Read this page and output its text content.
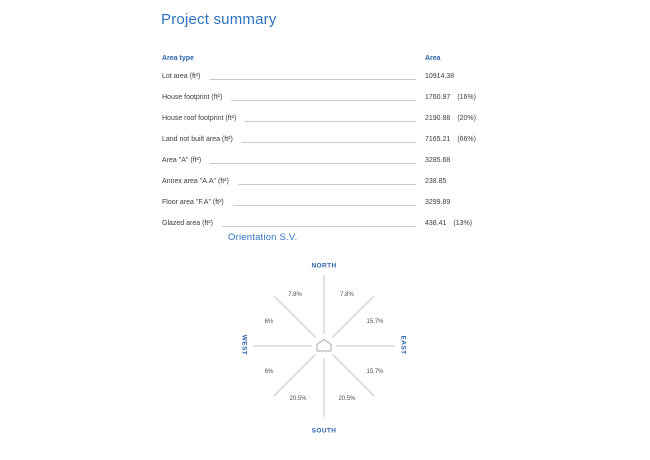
Project summary
Area type	Area
Lot area (ft²)	10914.38
House footprint (ft²)	1760.97 (16%)
House roof footprint (ft²)	2190.88 (20%)
Land not built area (ft²)	7165.21 (66%)
Area "A" (ft²)	3285.68
Annex area "A.A" (ft²)	238.85
Floor area "F.A" (ft²)	3299.89
Glazed area (ft²)	438.41 (13%)
Orientation S.V.
NORTH
SOUTH
EAST
WEST
7.8%	7.8%
6%	15.7%
6%	15.7%
20.5%	20.5%
